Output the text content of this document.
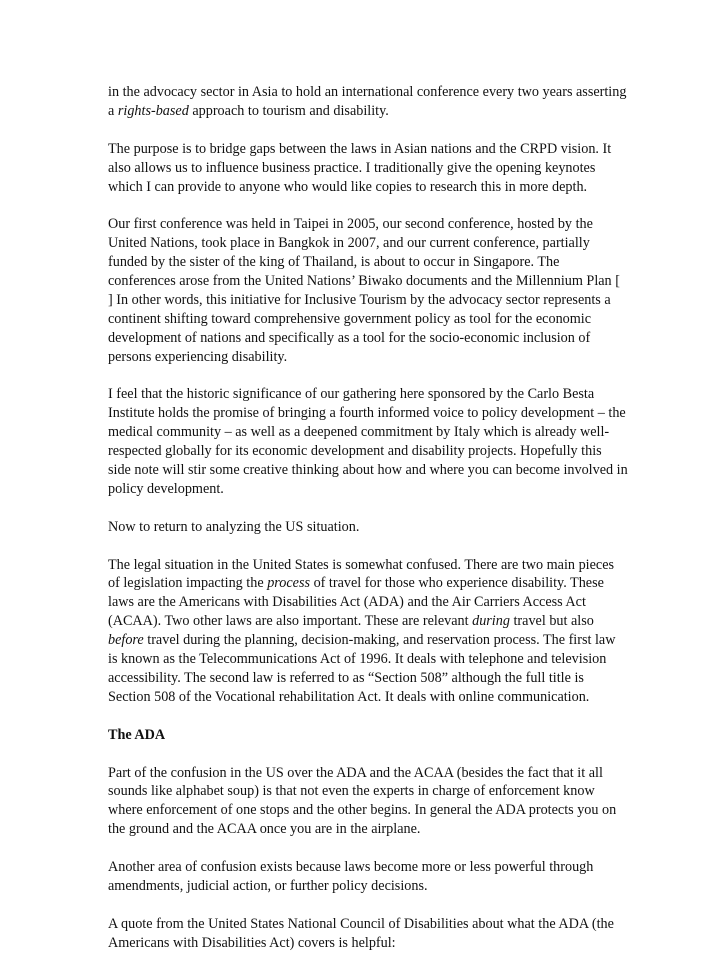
in the advocacy sector in Asia to hold an international conference every two years asserting a rights-based approach to tourism and disability.

The purpose is to bridge gaps between the laws in Asian nations and the CRPD vision. It also allows us to influence business practice. I traditionally give the opening keynotes which I can provide to anyone who would like copies to research this in more depth.

Our first conference was held in Taipei in 2005, our second conference, hosted by the United Nations, took place in Bangkok in 2007, and our current conference, partially funded by the sister of the king of Thailand, is about to occur in Singapore. The conferences arose from the United Nations’ Biwako documents and the Millennium Plan [ ] In other words, this initiative for Inclusive Tourism by the advocacy sector represents a continent shifting toward comprehensive government policy as tool for the economic development of nations and specifically as a tool for the socio-economic inclusion of persons experiencing disability.

I feel that the historic significance of our gathering here sponsored by the Carlo Besta Institute holds the promise of bringing a fourth informed voice to policy development – the medical community – as well as a deepened commitment by Italy which is already well-respected globally for its economic development and disability projects. Hopefully this side note will stir some creative thinking about how and where you can become involved in policy development.

Now to return to analyzing the US situation.

The legal situation in the United States is somewhat confused. There are two main pieces of legislation impacting the process of travel for those who experience disability. These laws are the Americans with Disabilities Act (ADA) and the Air Carriers Access Act (ACAA). Two other laws are also important. These are relevant during travel but also before travel during the planning, decision-making, and reservation process. The first law is known as the Telecommunications Act of 1996. It deals with telephone and television accessibility. The second law is referred to as “Section 508” although the full title is Section 508 of the Vocational rehabilitation Act. It deals with online communication.

The ADA

Part of the confusion in the US over the ADA and the ACAA (besides the fact that it all sounds like alphabet soup) is that not even the experts in charge of enforcement know where enforcement of one stops and the other begins. In general the ADA protects you on the ground and the ACAA once you are in the airplane.

Another area of confusion exists because laws become more or less powerful through amendments, judicial action, or further policy decisions.

A quote from the United States National Council of Disabilities about what the ADA (the Americans with Disabilities Act) covers is helpful:
